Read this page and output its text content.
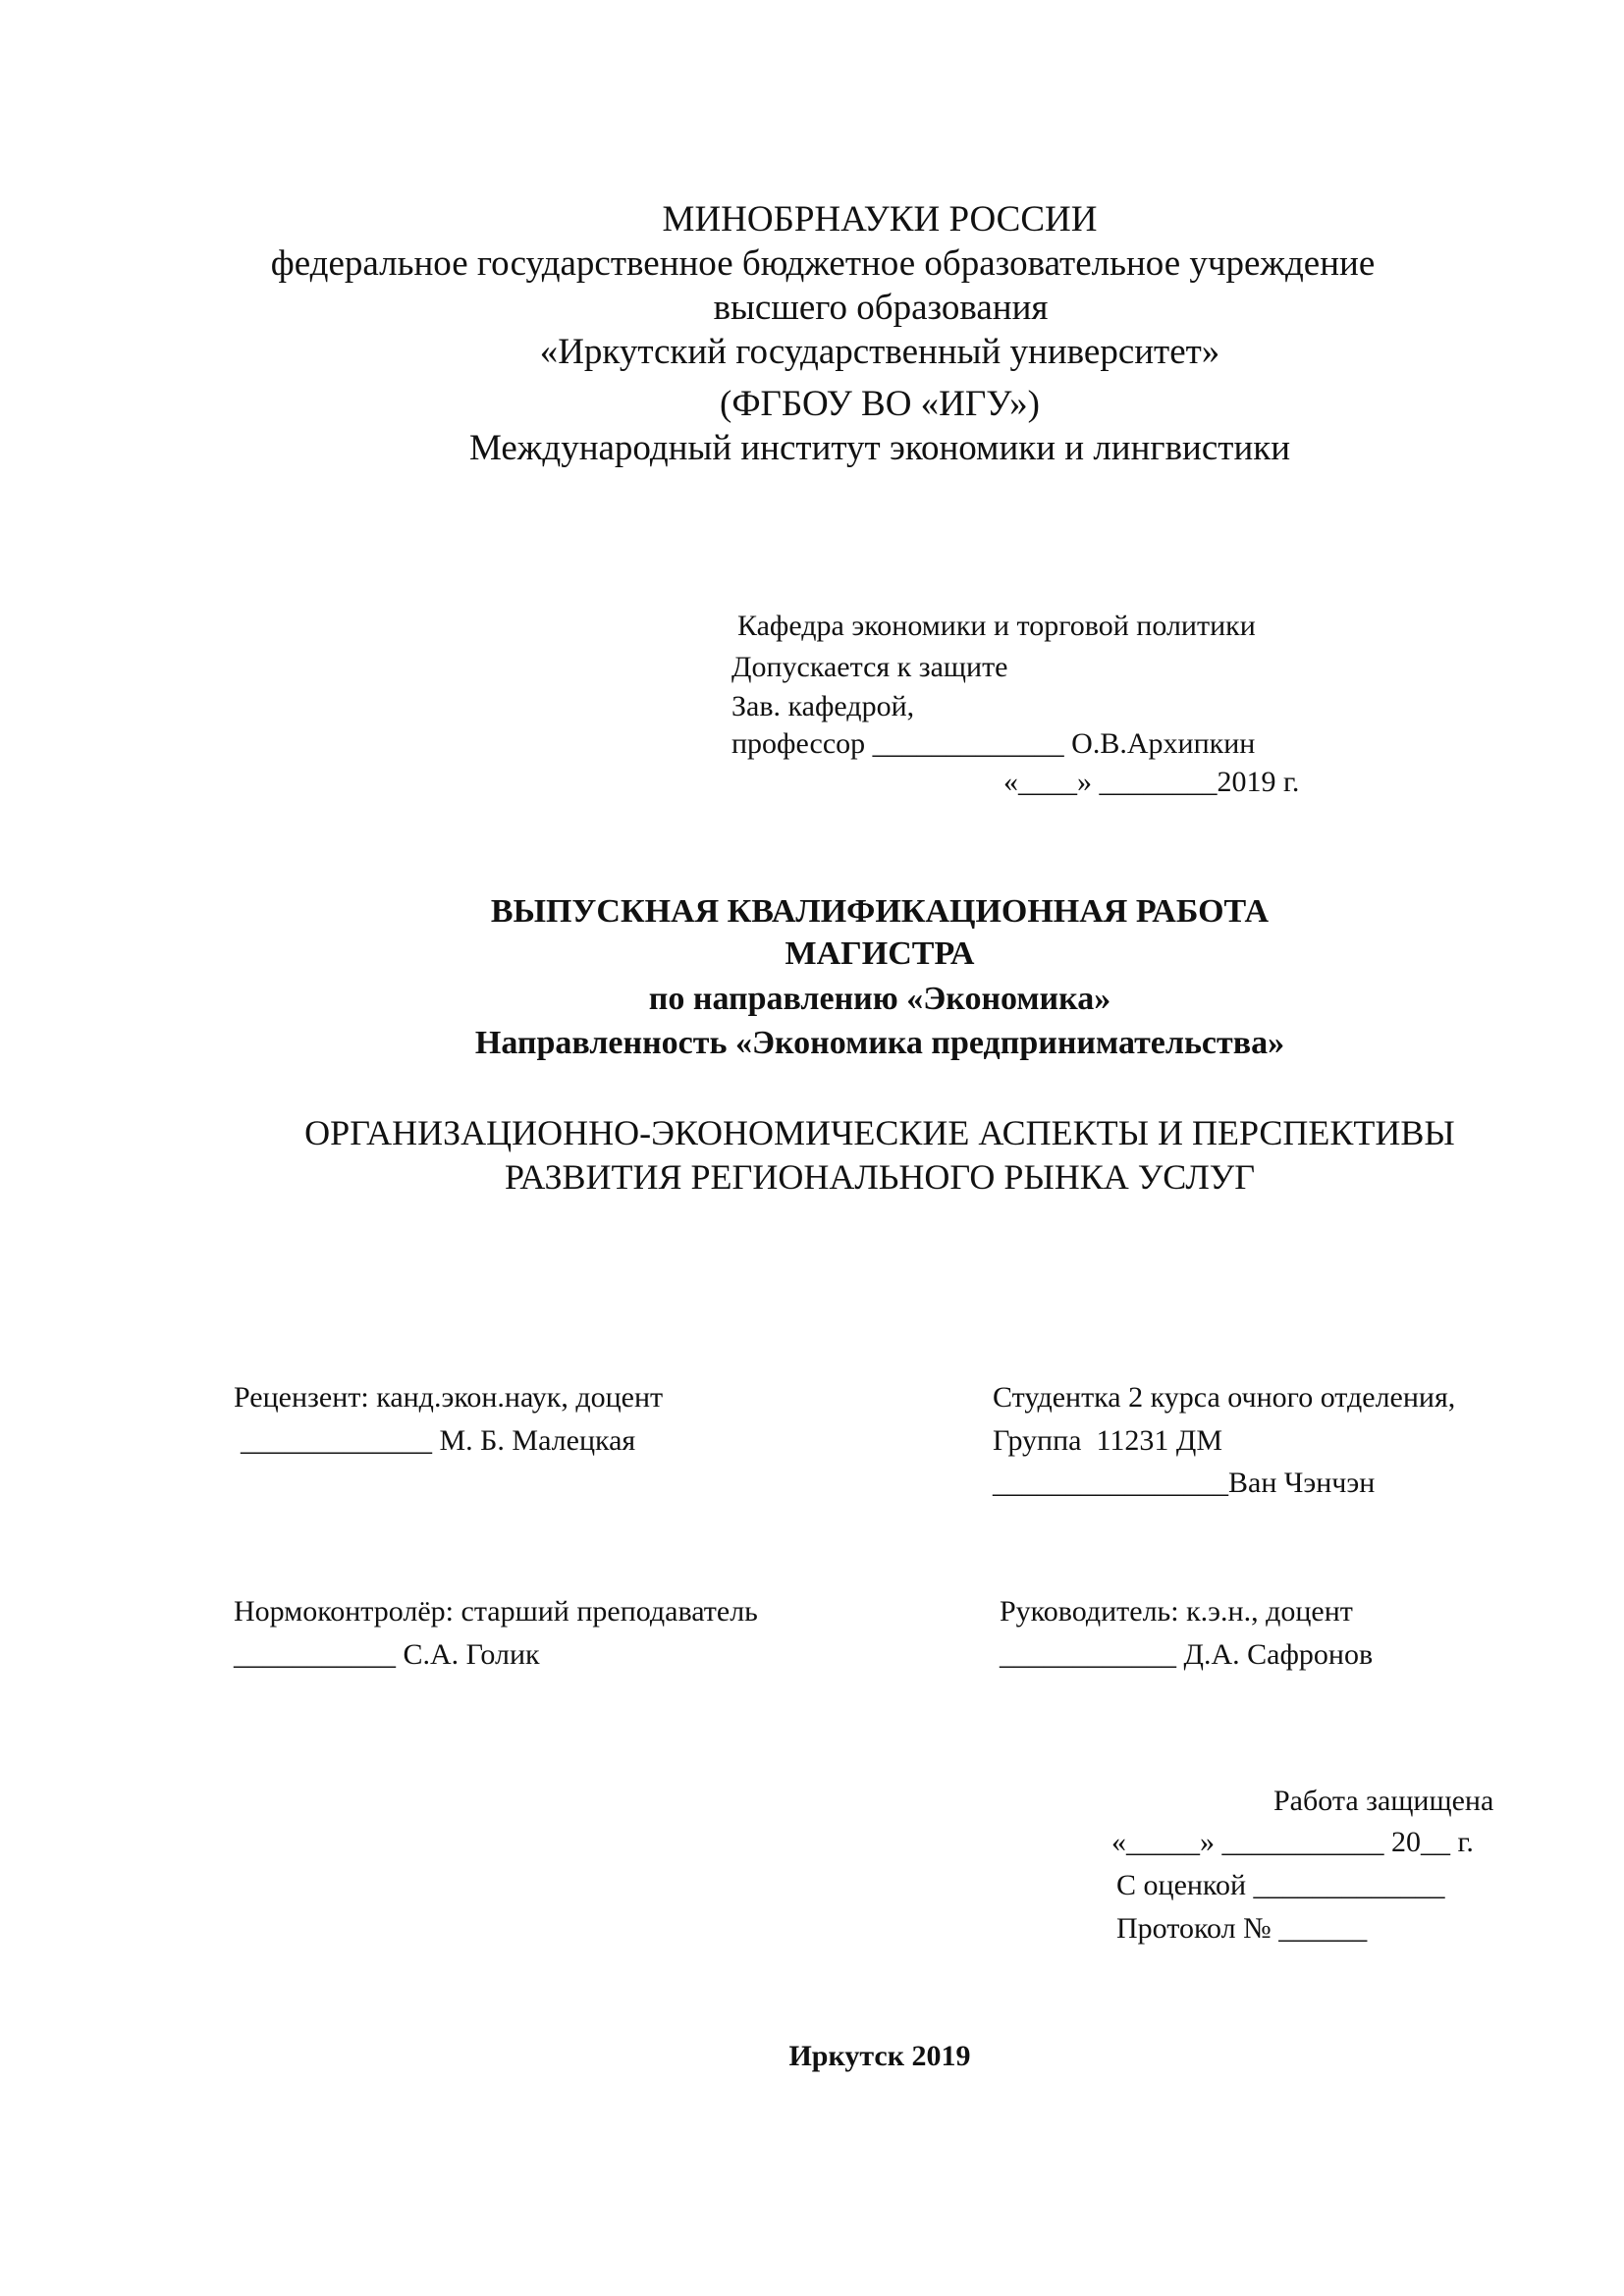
МИНОБРНАУКИ РОССИИ
федеральное государственное бюджетное образовательное учреждение
высшего образования
«Иркутский государственный университет»
(ФГБОУ ВО «ИГУ»)
Международный институт экономики и лингвистики
Кафедра экономики и торговой политики
Допускается к защите
Зав. кафедрой,
профессор _____________ О.В.Архипкин
«____» ________2019 г.
ВЫПУСКНАЯ КВАЛИФИКАЦИОННАЯ РАБОТА
МАГИСТРА
по направлению «Экономика»
Направленность «Экономика предпринимательства»
ОРГАНИЗАЦИОННО-ЭКОНОМИЧЕСКИЕ АСПЕКТЫ И ПЕРСПЕКТИВЫ
РАЗВИТИЯ РЕГИОНАЛЬНОГО РЫНКА УСЛУГ
Рецензент: канд.экон.наук, доцент
_____________ М. Б. Малецкая
Студентка 2 курса очного отделения,
Группа  11231 ДМ
________________Ван Чэнчэн
Нормоконтролёр: старший преподаватель
___________ С.А. Голик
Руководитель: к.э.н., доцент
____________ Д.А. Сафронов
Работа защищена
«_____» ___________ 20__ г.
С оценкой _____________
Протокол № ______
Иркутск 2019
